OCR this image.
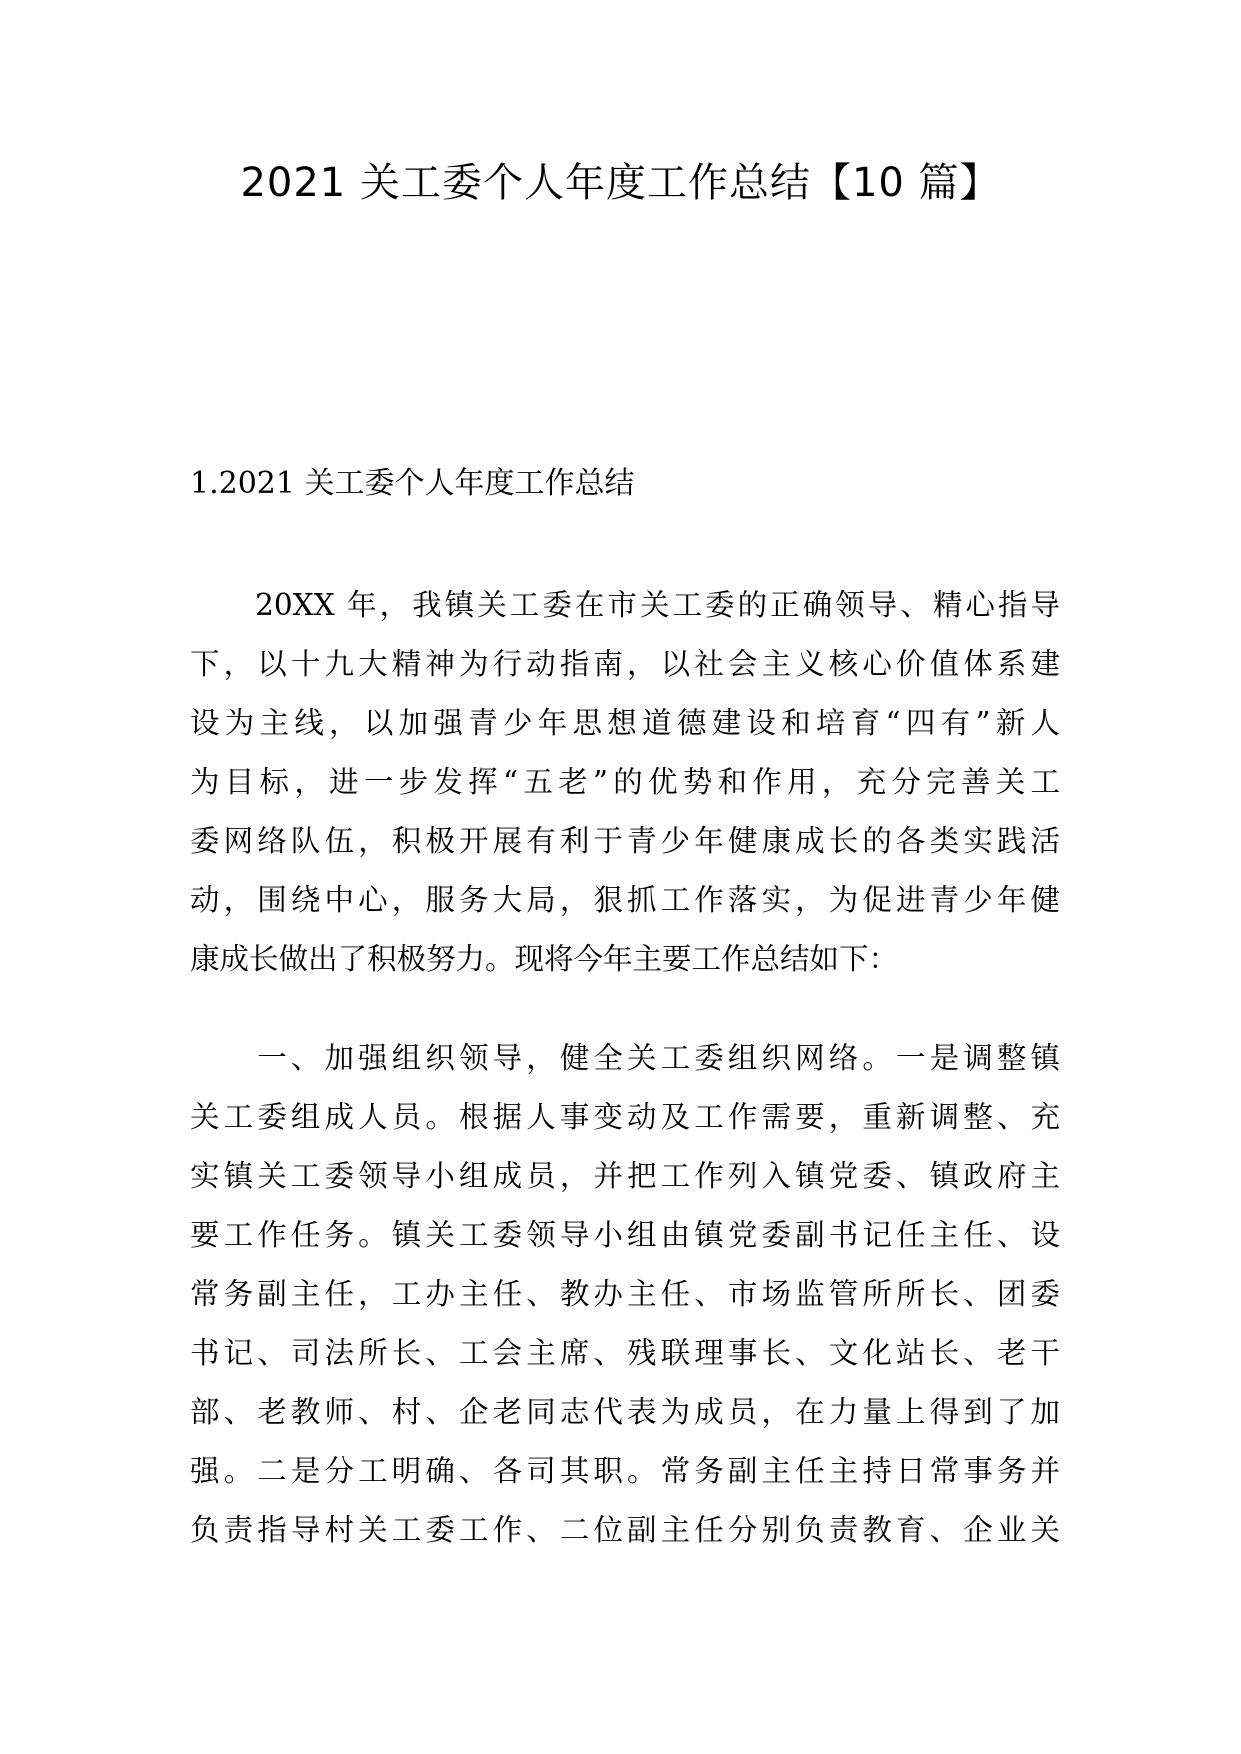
2021 关工委个人年度工作总结【10 篇】
1.2021 关工委个人年度工作总结
　　20XX 年，我镇关工委在市关工委的正确领导、精心指导
下，以十九大精神为行动指南，以社会主义核心价值体系建
设为主线，以加强青少年思想道德建设和培育“四有”新人
为目标，进一步发挥“五老”的优势和作用，充分完善关工
委网络队伍，积极开展有利于青少年健康成长的各类实践活
动，围绕中心，服务大局，狠抓工作落实，为促进青少年健
康成长做出了积极努力。现将今年主要工作总结如下：
　　一、加强组织领导，健全关工委组织网络。一是调整镇
关工委组成人员。根据人事变动及工作需要，重新调整、充
实镇关工委领导小组成员，并把工作列入镇党委、镇政府主
要工作任务。镇关工委领导小组由镇党委副书记任主任、设
常务副主任，工办主任、教办主任、市场监管所所长、团委
书记、司法所长、工会主席、残联理事长、文化站长、老干
部、老教师、村、企老同志代表为成员，在力量上得到了加
强。二是分工明确、各司其职。常务副主任主持日常事务并
负责指导村关工委工作、二位副主任分别负责教育、企业关
